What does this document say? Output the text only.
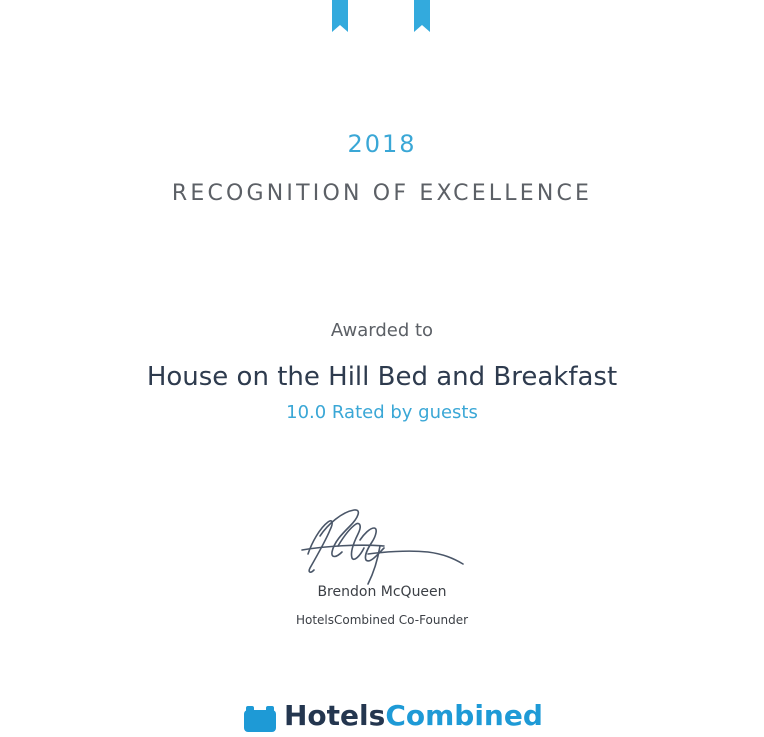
2018
RECOGNITION OF EXCELLENCE
Awarded to
House on the Hill Bed and Breakfast
10.0 Rated by guests
Brendon McQueen
HotelsCombined Co-Founder
HotelsCombined
